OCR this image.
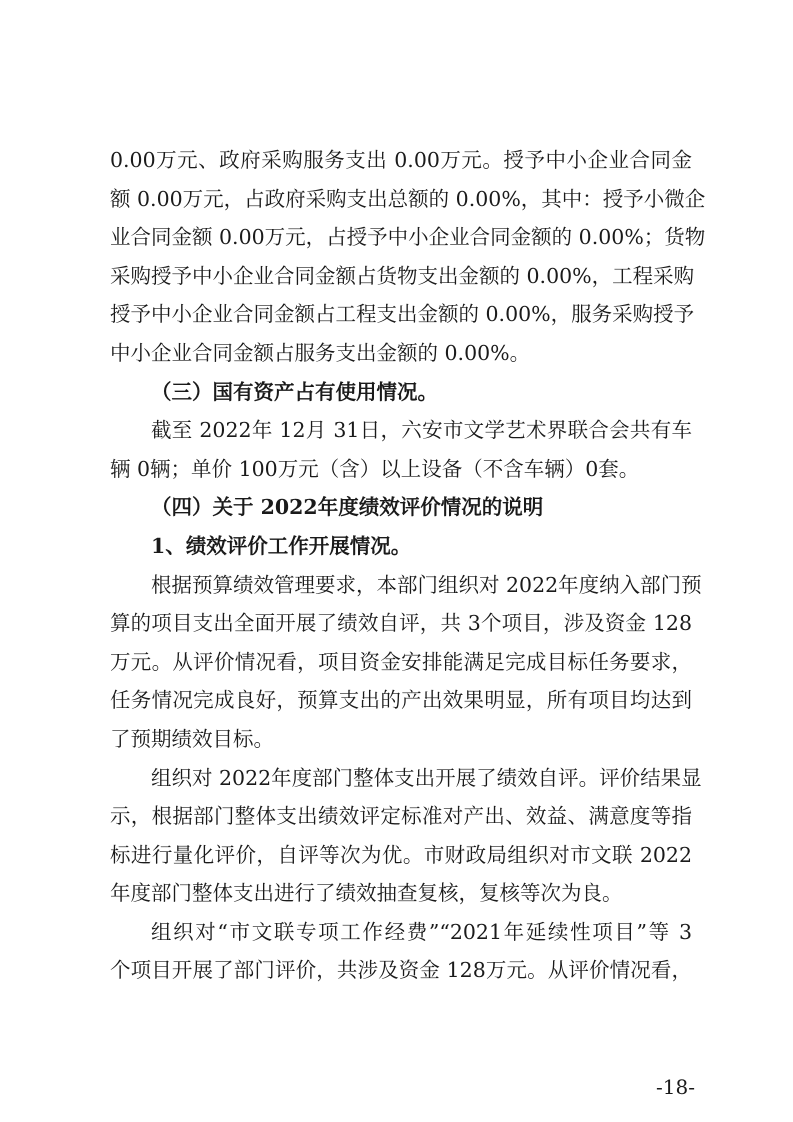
0.00万元、政府采购服务支出 0.00万元。授予中小企业合同金
额 0.00万元，占政府采购支出总额的 0.00%，其中：授予小微企
业合同金额 0.00万元，占授予中小企业合同金额的 0.00%；货物
采购授予中小企业合同金额占货物支出金额的 0.00%，工程采购
授予中小企业合同金额占工程支出金额的 0.00%，服务采购授予
中小企业合同金额占服务支出金额的 0.00%。
（三）国有资产占有使用情况。
截至 2022年 12月 31日，六安市文学艺术界联合会共有车
辆 0辆；单价 100万元（含）以上设备（不含车辆）0套。
（四）关于 2022年度绩效评价情况的说明
1、绩效评价工作开展情况。
根据预算绩效管理要求，本部门组织对 2022年度纳入部门预
算的项目支出全面开展了绩效自评，共 3个项目，涉及资金 128
万元。从评价情况看，项目资金安排能满足完成目标任务要求，
任务情况完成良好，预算支出的产出效果明显，所有项目均达到
了预期绩效目标。
组织对 2022年度部门整体支出开展了绩效自评。评价结果显
示，根据部门整体支出绩效评定标准对产出、效益、满意度等指
标进行量化评价，自评等次为优。市财政局组织对市文联 2022
年度部门整体支出进行了绩效抽查复核，复核等次为良。
组织对“市文联专项工作经费”“2021年延续性项目”等 3
个项目开展了部门评价，共涉及资金 128万元。从评价情况看，
-18-
